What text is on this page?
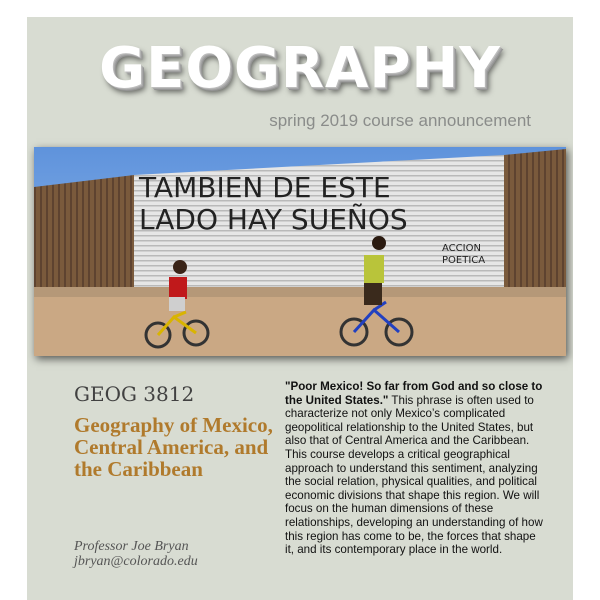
GEOGRAPHY
spring 2019 course announcement
TAMBIEN DE ESTE
LADO HAY SUEÑOS
ACCION
POETICA
GEOG 3812
Geography of Mexico, Central America, and the Caribbean
Professor Joe Bryan
jbryan@colorado.edu
"Poor Mexico! So far from God and so close to the United States." This phrase is often used to characterize not only Mexico’s complicated geopolitical relationship to the United States, but also that of Central America and the Caribbean. This course develops a critical geographical approach to understand this sentiment, analyzing the social relation, physical qualities, and political economic divisions that shape this region. We will focus on the human dimensions of these relationships, developing an understanding of how this region has come to be, the forces that shape it, and its contemporary place in the world.
